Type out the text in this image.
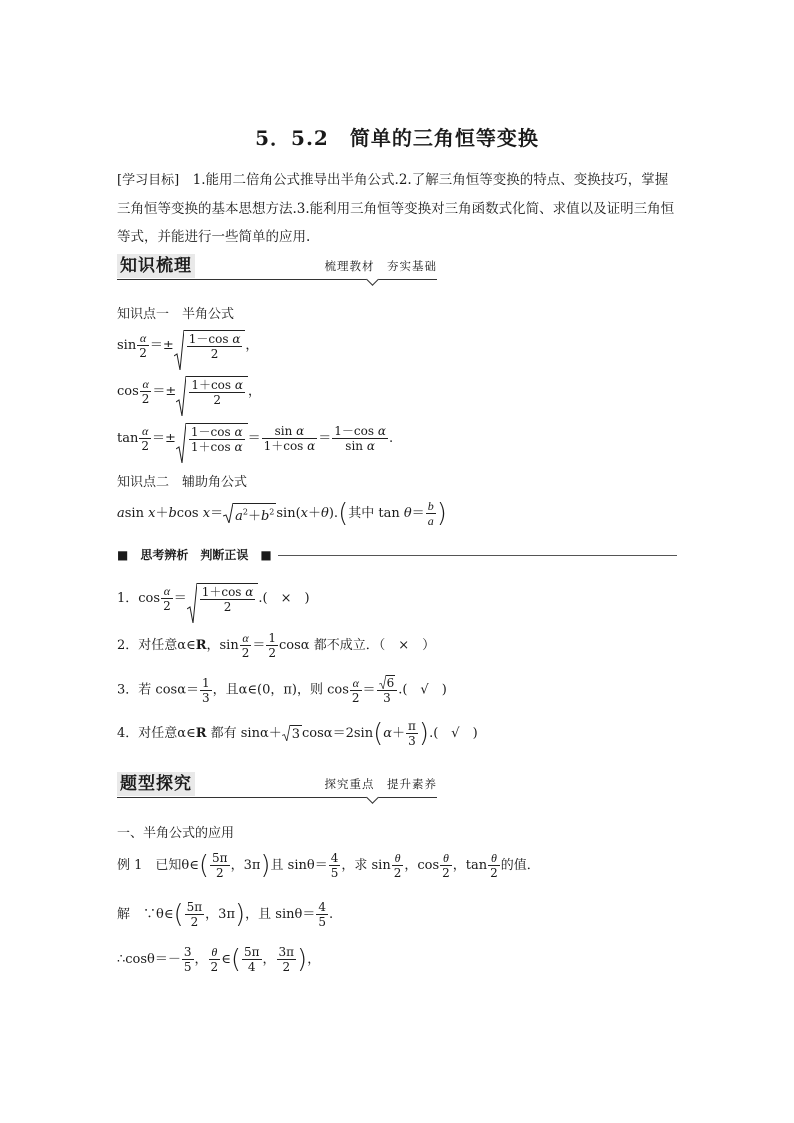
5．5.2　简单的三角恒等变换
[学习目标]　1.能用二倍角公式推导出半角公式.2.了解三角恒等变换的特点、变换技巧，掌握三角恒等变换的基本思想方法.3.能利用三角恒等变换对三角函数式化简、求值以及证明三角恒等式，并能进行一些简单的应用.
知识梳理	梳理教材　夯实基础
知识点一　半角公式
$\sin \frac{\alpha}{2} =\pm \frac{\text{1－cos α}}{2}$ ，
$\cos \frac{\alpha}{2} =\pm \frac{\text{1＋cos α}}{2}$ ，
$\tan \frac{\alpha}{2} =\pm \frac{\text{1－cos α}}{\text{1＋cos α}} = \frac{\text{sin α}}{\text{1＋cos α}} = \frac{\text{1－cos α}}{\text{sin α}}$ .
知识点二　辅助角公式
asin x＋bcos $x= a^2+b^2$ sin(x＋θ).(其中 $\tan \theta= \frac{b}{a}$ )
■　思考辨析　判断正误　■
1．$\cos \frac{\alpha}{2} = \frac{\text{1＋cos α}}{2}$ .(　×　)
2．对任意α∈R，$\sin \frac{\alpha}{2} = \frac{1}{2}$ cosα 都不成立．（　×　）
3．若 $\cos\alpha= \frac{1}{3}$ ，且α∈(0，π)，则 $\cos \frac{\alpha}{2} = \frac{6}{3}$ .(　√　)
4．对任意α∈R 都有 sinα＋ 3 $\cos\alpha=2\sin(\alpha+ \frac{\pi}{3}$ ).(　√　)
题型探究	探究重点　提升素养
一、半角公式的应用
例 1　 已知θ∈( $\frac{5\pi}{2}$ ，3π)且 $\sin\theta= \frac{4}{5}$ ，求 $\sin \frac{\theta}{2}$ ，$\cos \frac{\theta}{2}$ ，$\tan \frac{\theta}{2}$ 的值．
解　 ∵θ∈( $\frac{5\pi}{2}$ ，3π)，且 $\sin\theta= \frac{4}{5}$ .
∴cosθ＝－ $\frac{3}{5}$ ， $\frac{\theta}{2}$ ∈( $\frac{5\pi}{4}$ ， $\frac{3\pi}{2}$ )，
